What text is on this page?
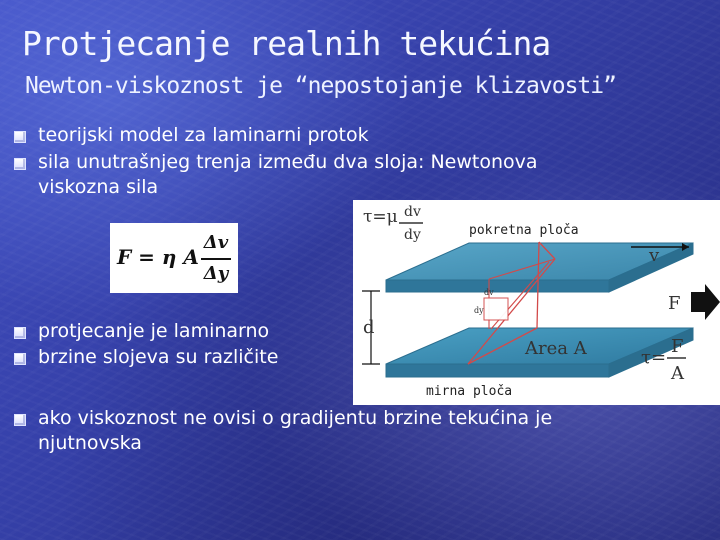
Protjecanje realnih tekućina
Newton-viskoznost je “nepostojanje klizavosti”
teorijski model za laminarni protok
sila unutrašnjeg trenja između dva sloja: Newtonova
viskozna sila
F = η A
Δv
Δy
τ=μ dv
dy	pokretna ploča
dv
dy
v
d
Area A
F
τ=
F
A
mirna ploča
protjecanje je laminarno
brzine slojeva su različite
ako viskoznost ne ovisi o gradijentu brzine tekućina je
njutnovska
